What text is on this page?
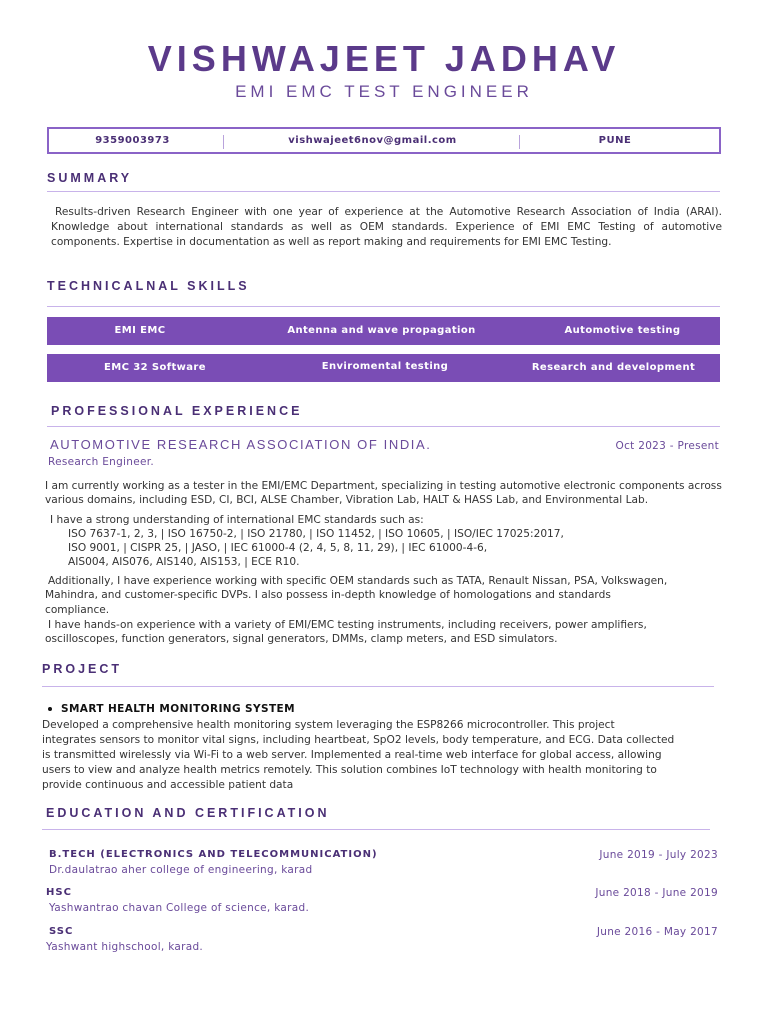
VISHWAJEET JADHAV
EMI EMC TEST ENGINEER
9359003973	vishwajeet6nov@gmail.com	PUNE
SUMMARY
Results-driven Research Engineer with one year of experience at the Automotive Research Association of India (ARAI). Knowledge about international standards as well as OEM standards. Experience of EMI EMC Testing of automotive components. Expertise in documentation as well as report making and requirements for EMI EMC Testing.
TECHNICALNAL SKILLS
EMI EMC	Antenna and wave propagation	Automotive testing
EMC 32 Software	Enviromental testing	Research and development
PROFESSIONAL EXPERIENCE
AUTOMOTIVE RESEARCH ASSOCIATION OF INDIA.	Oct 2023 - Present
Research Engineer.
I am currently working as a tester in the EMI/EMC Department, specializing in testing automotive electronic components across
various domains, including ESD, CI, BCI, ALSE Chamber, Vibration Lab, HALT & HASS Lab, and Environmental Lab.
I have a strong understanding of international EMC standards such as:
ISO 7637-1, 2, 3, | ISO 16750-2, | ISO 21780, | ISO 11452, | ISO 10605, | ISO/IEC 17025:2017,
ISO 9001, | CISPR 25, | JASO, | IEC 61000-4 (2, 4, 5, 8, 11, 29), | IEC 61000-4-6,
AIS004, AIS076, AIS140, AIS153, | ECE R10.
Additionally, I have experience working with specific OEM standards such as TATA, Renault Nissan, PSA, Volkswagen,
Mahindra, and customer-specific DVPs. I also possess in-depth knowledge of homologations and standards
compliance.
I have hands-on experience with a variety of EMI/EMC testing instruments, including receivers, power amplifiers,
oscilloscopes, function generators, signal generators, DMMs, clamp meters, and ESD simulators.
PROJECT
SMART HEALTH MONITORING SYSTEM
Developed a comprehensive health monitoring system leveraging the ESP8266 microcontroller. This project
integrates sensors to monitor vital signs, including heartbeat, SpO2 levels, body temperature, and ECG. Data collected
is transmitted wirelessly via Wi-Fi to a web server. Implemented a real-time web interface for global access, allowing
users to view and analyze health metrics remotely. This solution combines IoT technology with health monitoring to
provide continuous and accessible patient data
EDUCATION AND CERTIFICATION
B.TECH (ELECTRONICS AND TELECOMMUNICATION)	June 2019 - July 2023
Dr.daulatrao aher college of engineering, karad
HSC	June 2018 - June 2019
Yashwantrao chavan College of science, karad.
SSC	June 2016 - May 2017
Yashwant highschool, karad.
